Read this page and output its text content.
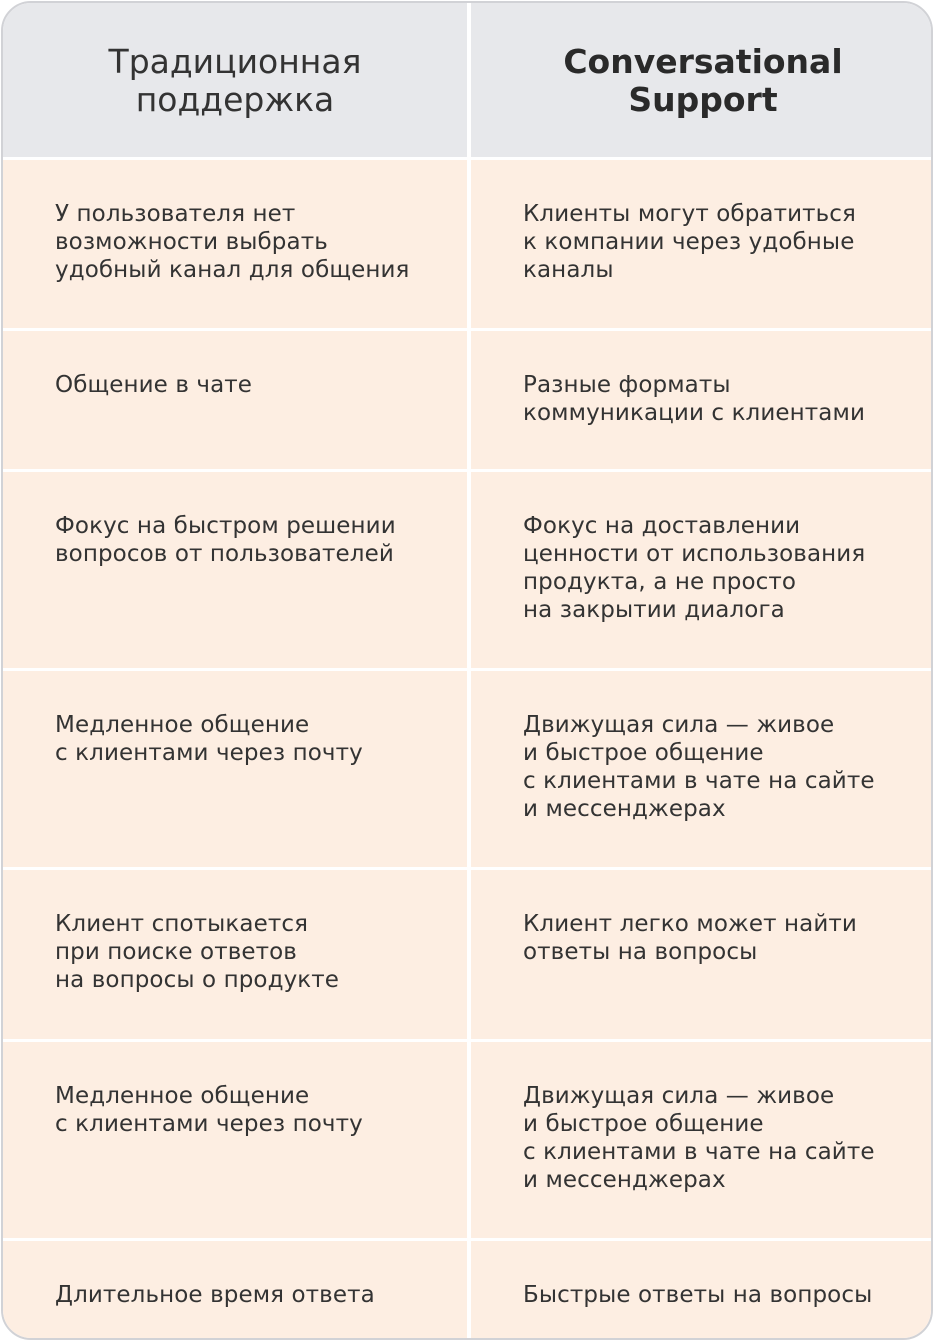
Традиционная
поддержка
Conversational
Support
У пользователя нет
возможности выбрать
удобный канал для общения
Клиенты могут обратиться
к компании через удобные
каналы
Общение в чате	Разные форматы
коммуникации с клиентами
Фокус на быстром решении
вопросов от пользователей
Фокус на доставлении
ценности от использования
продукта, а не просто
на закрытии диалога
Медленное общение
с клиентами через почту
Движущая сила — живое
и быстрое общение
с клиентами в чате на сайте
и мессенджерах
Клиент спотыкается
при поиске ответов
на вопросы о продукте
Клиент легко может найти
ответы на вопросы
Медленное общение
с клиентами через почту
Движущая сила — живое
и быстрое общение
с клиентами в чате на сайте
и мессенджерах
Длительное время ответа	Быстрые ответы на вопросы
